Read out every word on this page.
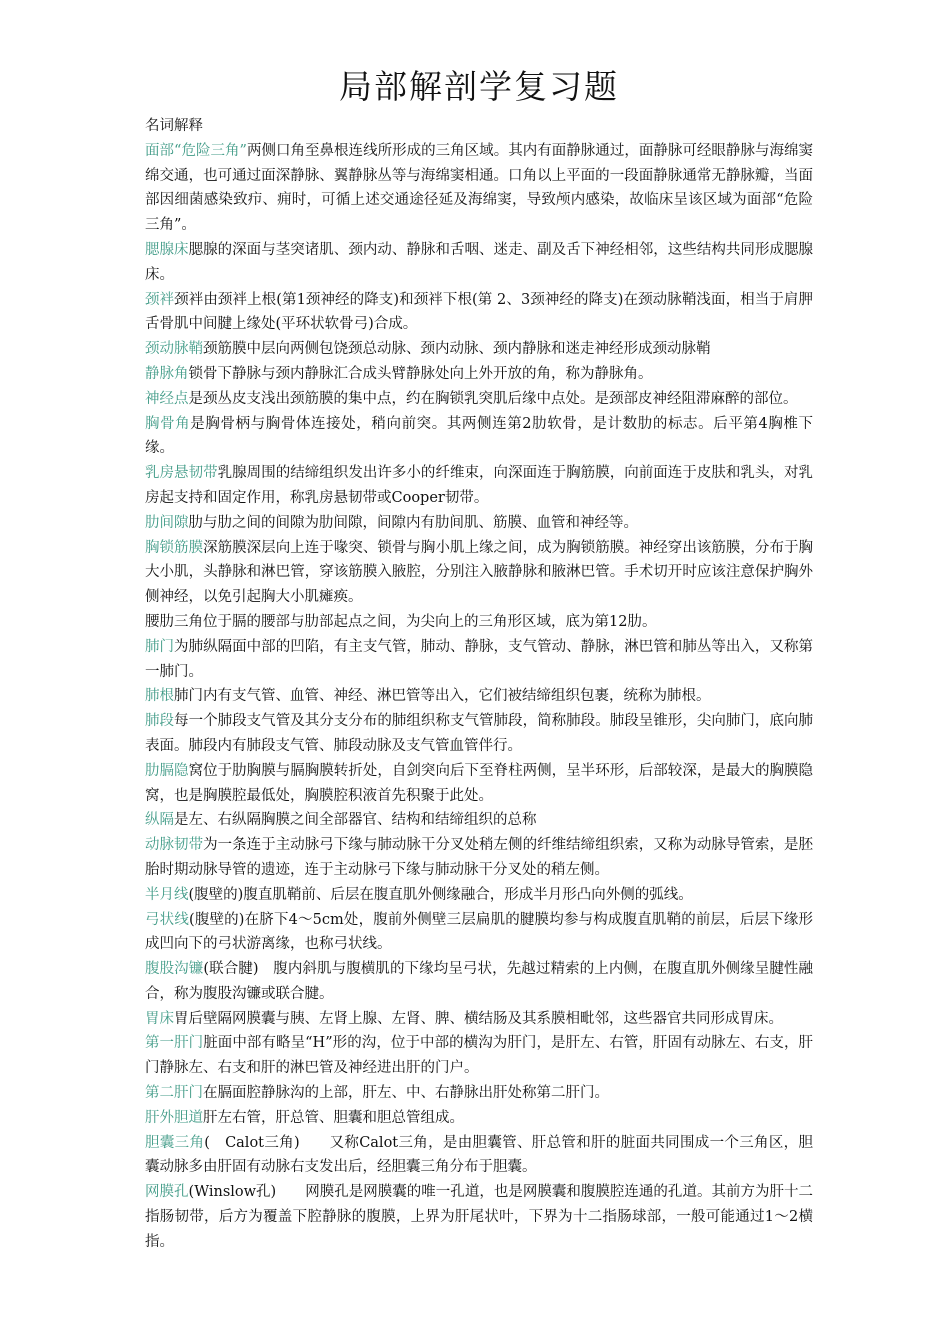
局部解剖学复习题
名词解释
面部“危险三角”两侧口角至鼻根连线所形成的三角区域。其内有面静脉通过，面静脉可经眼静脉与海绵窦绵交通，也可通过面深静脉、翼静脉丛等与海绵窦相通。口角以上平面的一段面静脉通常无静脉瓣，当面部因细菌感染致疖、痈时，可循上述交通途径延及海绵窦，导致颅内感染，故临床呈该区域为面部“危险三角”。
腮腺床腮腺的深面与茎突诸肌、颈内动、静脉和舌咽、迷走、副及舌下神经相邻，这些结构共同形成腮腺床。
颈袢颈袢由颈袢上根(第1颈神经的降支)和颈袢下根(第 2、3颈神经的降支)在颈动脉鞘浅面，相当于肩胛舌骨肌中间腱上缘处(平环状软骨弓)合成。
颈动脉鞘颈筋膜中层向两侧包饶颈总动脉、颈内动脉、颈内静脉和迷走神经形成颈动脉鞘
静脉角锁骨下静脉与颈内静脉汇合成头臂静脉处向上外开放的角，称为静脉角。
神经点是颈丛皮支浅出颈筋膜的集中点，约在胸锁乳突肌后缘中点处。是颈部皮神经阻滞麻醉的部位。
胸骨角是胸骨柄与胸骨体连接处，稍向前突。其两侧连第2肋软骨，是计数肋的标志。后平第4胸椎下缘。
乳房悬韧带乳腺周围的结缔组织发出许多小的纤维束，向深面连于胸筋膜，向前面连于皮肤和乳头，对乳房起支持和固定作用，称乳房悬韧带或Cooper韧带。
肋间隙肋与肋之间的间隙为肋间隙，间隙内有肋间肌、筋膜、血管和神经等。
胸锁筋膜深筋膜深层向上连于喙突、锁骨与胸小肌上缘之间，成为胸锁筋膜。神经穿出该筋膜，分布于胸大小肌，头静脉和淋巴管，穿该筋膜入腋腔，分别注入腋静脉和腋淋巴管。手术切开时应该注意保护胸外侧神经，以免引起胸大小肌瘫痪。
腰肋三角位于膈的腰部与肋部起点之间，为尖向上的三角形区域，底为第12肋。
肺门为肺纵隔面中部的凹陷，有主支气管，肺动、静脉，支气管动、静脉，淋巴管和肺丛等出入，又称第一肺门。
肺根肺门内有支气管、血管、神经、淋巴管等出入，它们被结缔组织包裹，统称为肺根。
肺段每一个肺段支气管及其分支分布的肺组织称支气管肺段，简称肺段。肺段呈锥形，尖向肺门，底向肺表面。肺段内有肺段支气管、肺段动脉及支气管血管伴行。
肋膈隐窝位于肋胸膜与膈胸膜转折处，自剑突向后下至脊柱两侧，呈半环形，后部较深，是最大的胸膜隐窝，也是胸膜腔最低处，胸膜腔积液首先积聚于此处。
纵隔是左、右纵隔胸膜之间全部器官、结构和结缔组织的总称
动脉韧带为一条连于主动脉弓下缘与肺动脉干分叉处稍左侧的纤维结缔组织索，又称为动脉导管索，是胚胎时期动脉导管的遗迹，连于主动脉弓下缘与肺动脉干分叉处的稍左侧。
半月线(腹壁的)腹直肌鞘前、后层在腹直肌外侧缘融合，形成半月形凸向外侧的弧线。
弓状线(腹壁的)在脐下4～5cm处，腹前外侧壁三层扁肌的腱膜均参与构成腹直肌鞘的前层，后层下缘形成凹向下的弓状游离缘，也称弓状线。
腹股沟镰(联合腱)　腹内斜肌与腹横肌的下缘均呈弓状，先越过精索的上内侧，在腹直肌外侧缘呈腱性融合，称为腹股沟镰或联合腱。
胃床胃后壁隔网膜囊与胰、左肾上腺、左肾、脾、横结肠及其系膜相毗邻，这些器官共同形成胃床。
第一肝门脏面中部有略呈“H”形的沟，位于中部的横沟为肝门，是肝左、右管，肝固有动脉左、右支，肝门静脉左、右支和肝的淋巴管及神经进出肝的门户。
第二肝门在膈面腔静脉沟的上部，肝左、中、右静脉出肝处称第二肝门。
肝外胆道肝左右管，肝总管、胆囊和胆总管组成。
胆囊三角(　Calot三角)　　又称Calot三角，是由胆囊管、肝总管和肝的脏面共同围成一个三角区，胆囊动脉多由肝固有动脉右支发出后，经胆囊三角分布于胆囊。
网膜孔(Winslow孔)　　网膜孔是网膜囊的唯一孔道，也是网膜囊和腹膜腔连通的孔道。其前方为肝十二指肠韧带，后方为覆盖下腔静脉的腹膜，上界为肝尾状叶，下界为十二指肠球部，一般可能通过1～2横指。
